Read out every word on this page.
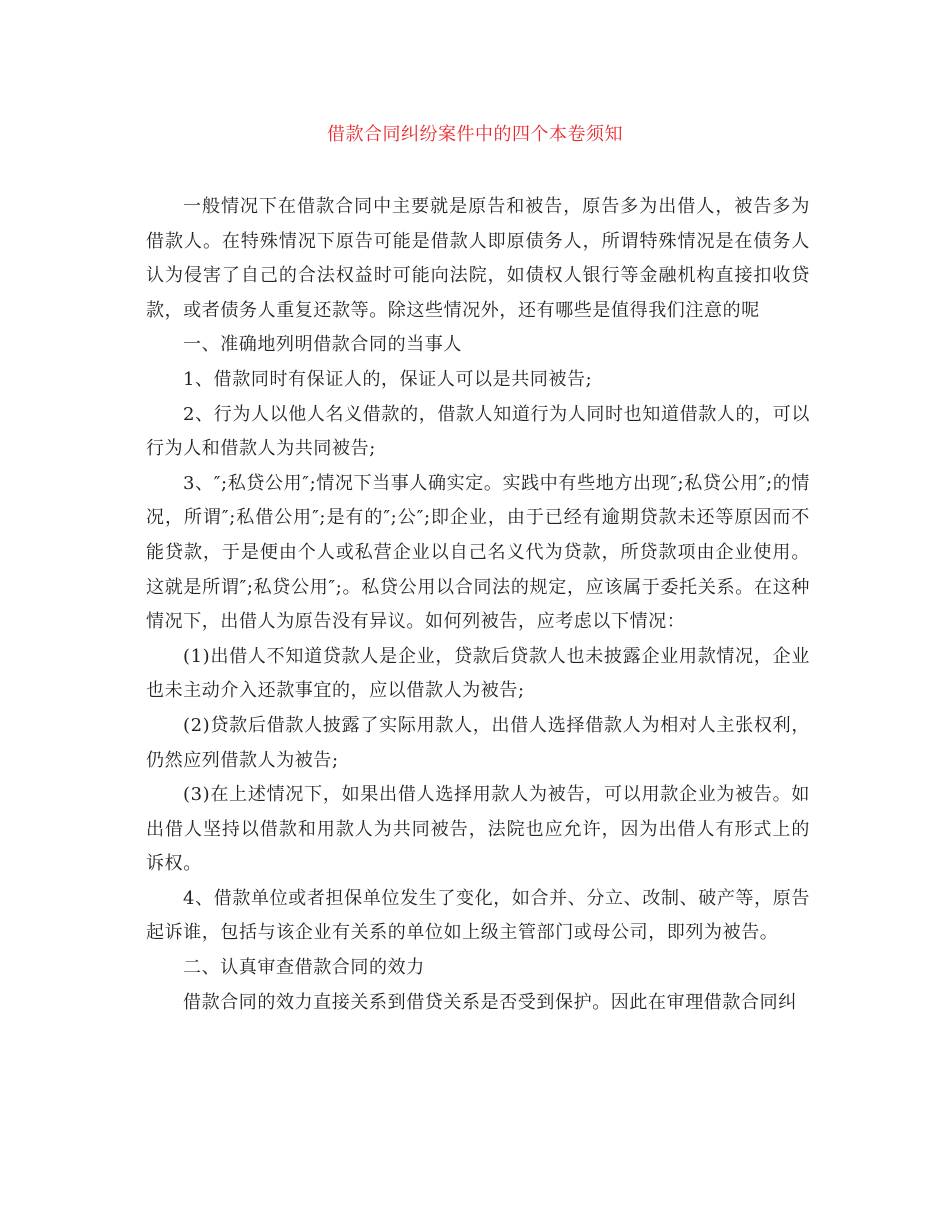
借款合同纠纷案件中的四个本卷须知

一般情况下在借款合同中主要就是原告和被告，原告多为出借人，被告多为借款人。在特殊情况下原告可能是借款人即原债务人，所谓特殊情况是在债务人认为侵害了自己的合法权益时可能向法院，如债权人银行等金融机构直接扣收贷款，或者债务人重复还款等。除这些情况外，还有哪些是值得我们注意的呢

一、准确地列明借款合同的当事人

1、借款同时有保证人的，保证人可以是共同被告;

2、行为人以他人名义借款的，借款人知道行为人同时也知道借款人的，可以行为人和借款人为共同被告;

3、″;私贷公用″;情况下当事人确实定。实践中有些地方出现″;私贷公用″;的情况，所谓″;私借公用″;是有的″;公″;即企业，由于已经有逾期贷款未还等原因而不能贷款，于是便由个人或私营企业以自己名义代为贷款，所贷款项由企业使用。这就是所谓″;私贷公用″;。私贷公用以合同法的规定，应该属于委托关系。在这种情况下，出借人为原告没有异议。如何列被告，应考虑以下情况：

(1)出借人不知道贷款人是企业，贷款后贷款人也未披露企业用款情况，企业也未主动介入还款事宜的，应以借款人为被告;

(2)贷款后借款人披露了实际用款人，出借人选择借款人为相对人主张权利，仍然应列借款人为被告;

(3)在上述情况下，如果出借人选择用款人为被告，可以用款企业为被告。如出借人坚持以借款和用款人为共同被告，法院也应允许，因为出借人有形式上的诉权。

4、借款单位或者担保单位发生了变化，如合并、分立、改制、破产等，原告起诉谁，包括与该企业有关系的单位如上级主管部门或母公司，即列为被告。

二、认真审查借款合同的效力

借款合同的效力直接关系到借贷关系是否受到保护。因此在审理借款合同纠
